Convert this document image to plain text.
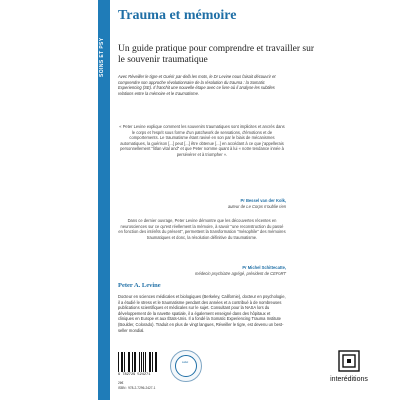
SOINS ET PSY
Trauma et mémoire

Un guide pratique pour comprendre et travailler sur le souvenir traumatique

Avec Réveiller le tigre et Guérir par-delà les mots, le Dr Levine nous faisait découvrir et comprendre son approche révolutionnaire de la résolution du trauma : la Somatic Experiencing (SE). Il franchit une nouvelle étape avec ce livre où il analyse les subtiles relations entre la mémoire et le traumatisme.

« Peter Levine explique comment les souvenirs traumatiques sont implicites et ancrés dans le corps et l'esprit sous forme d'un patchwork de sensations, d'émotions et de comportements. Le traumatisme étant ravivé en son par le biais de mécanismes automatiques, la guérison [...] peut [...] être obtenue [...] en accédant à ce que j'appellerais personnellement "litlan vital and" et que Peter nomme quant à lui « notre tendance innée à persévérer et à triompher ».

Pr Bessel van der Kolk,
auteur de Le Corps n'oublie rien

Dans ce dernier ouvrage, Peter Levine démontre que les découvertes récentes en neurosciences sur ce qu'est réellement la mémoire, à savoir "une reconstruction du passé en fonction des intérêts du présent", permettent la transformation "mésophile" des mémoires traumatiques et donc, la résolution définitive du traumatisme.

Pr Michel Schittecatte,
médecin psychiatre agrégé, président de CEFoRT
Peter A. Levine

Docteur en sciences médicales et biologiques (Berkeley, Californie), docteur en psychologie, il a étudié le stress et le traumatisme pendant des années et a contribué à de nombreuses publications scientifiques et médicales sur le sujet. Consultant pour la NASA lors du développement de la navette spatiale, il a également enseigné dans des hôpitaux et cliniques en Europe et aux États-Unis. Il a fondé la Somatic Experiencing Trauma Institute (Boulder, Colorado). Traduit en plus de vingt langues, Réveiller le tigre, est devenu un best-seller mondial.

9 782729 524271
26€
ISBN : 978-2-7296-2427-1
Label
interéditions
